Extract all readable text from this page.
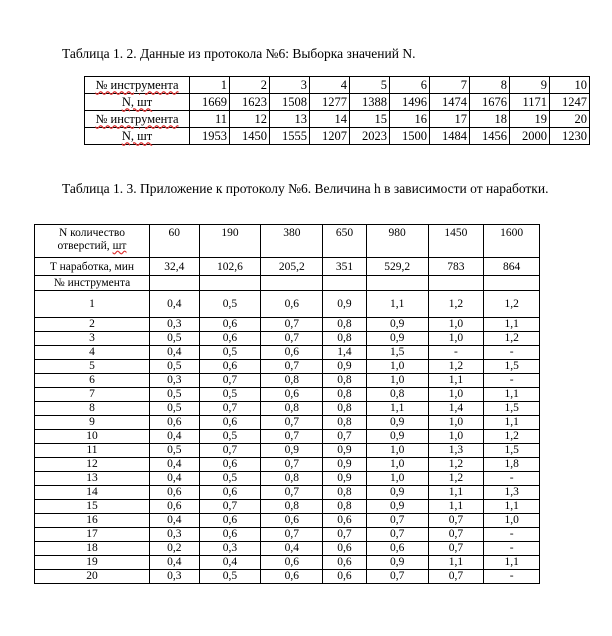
Таблица 1. 2. Данные из протокола №6: Выборка значений N.
№ инструмента	1	2	3	4	5	6	7	8	9	10
N, шт	1669	1623	1508	1277	1388	1496	1474	1676	1171	1247
№ инструмента	11	12	13	14	15	16	17	18	19	20
N, шт	1953	1450	1555	1207	2023	1500	1484	1456	2000	1230
Таблица 1. 3. Приложение к протоколу №6. Величина h в зависимости от наработки.
N количество отверстий, шт	60	190	380	650	980	1450	1600
T наработка, мин	32,4	102,6	205,2	351	529,2	783	864
№ инструмента							
1	0,4	0,5	0,6	0,9	1,1	1,2	1,2
2	0,3	0,6	0,7	0,8	0,9	1,0	1,1
3	0,5	0,6	0,7	0,8	0,9	1,0	1,2
4	0,4	0,5	0,6	1,4	1,5	-	-
5	0,5	0,6	0,7	0,9	1,0	1,2	1,5
6	0,3	0,7	0,8	0,8	1,0	1,1	-
7	0,5	0,5	0,6	0,8	0,8	1,0	1,1
8	0,5	0,7	0,8	0,8	1,1	1,4	1,5
9	0,6	0,6	0,7	0,8	0,9	1,0	1,1
10	0,4	0,5	0,7	0,7	0,9	1,0	1,2
11	0,5	0,7	0,9	0,9	1,0	1,3	1,5
12	0,4	0,6	0,7	0,9	1,0	1,2	1,8
13	0,4	0,5	0,8	0,9	1,0	1,2	-
14	0,6	0,6	0,7	0,8	0,9	1,1	1,3
15	0,6	0,7	0,8	0,8	0,9	1,1	1,1
16	0,4	0,6	0,6	0,6	0,7	0,7	1,0
17	0,3	0,6	0,7	0,7	0,7	0,7	-
18	0,2	0,3	0,4	0,6	0,6	0,7	-
19	0,4	0,4	0,6	0,6	0,9	1,1	1,1
20	0,3	0,5	0,6	0,6	0,7	0,7	-
